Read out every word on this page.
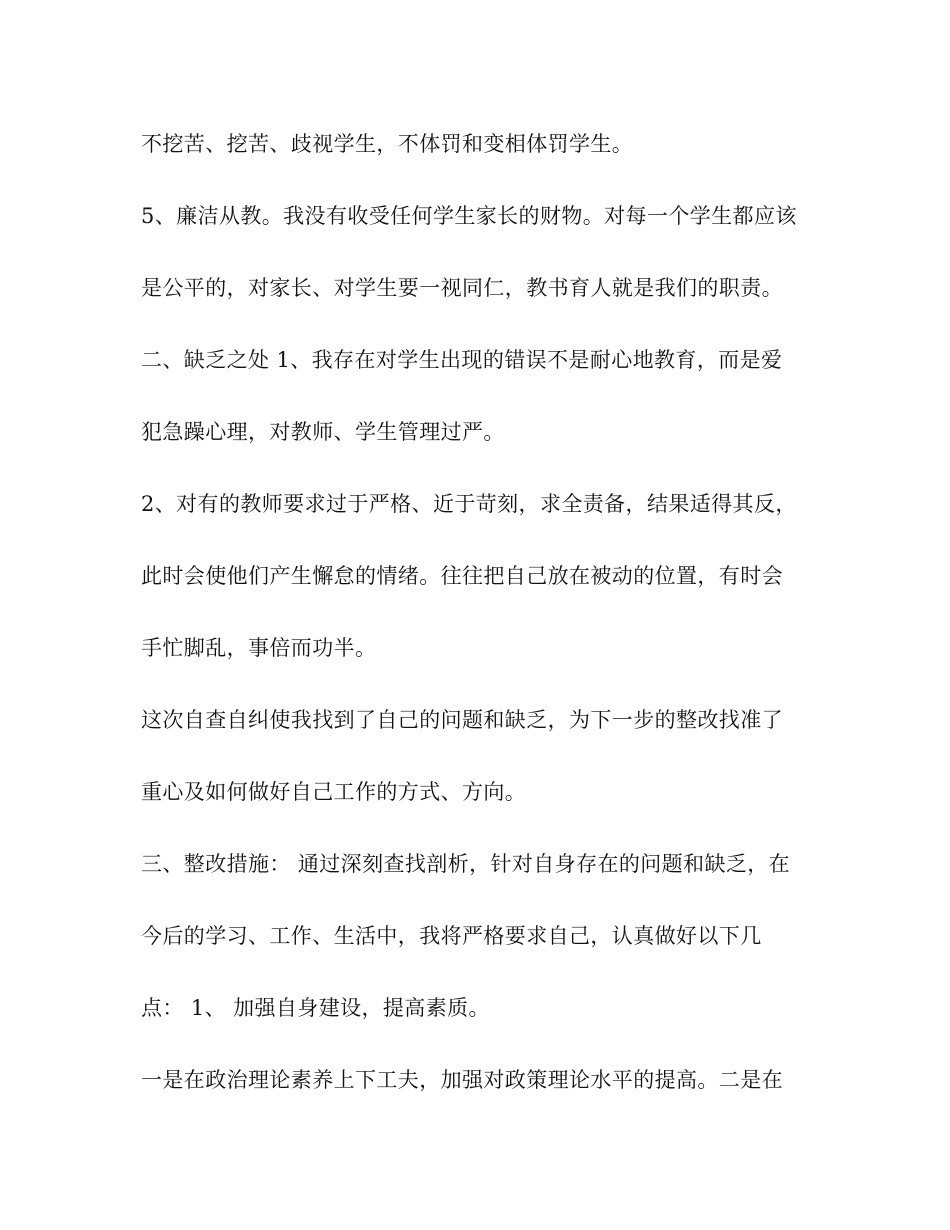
不挖苦、挖苦、歧视学生，不体罚和变相体罚学生。

5、廉洁从教。我没有收受任何学生家长的财物。对每一个学生都应该

是公平的，对家长、对学生要一视同仁，教书育人就是我们的职责。

二、缺乏之处 1、我存在对学生出现的错误不是耐心地教育，而是爱

犯急躁心理，对教师、学生管理过严。

2、对有的教师要求过于严格、近于苛刻，求全责备，结果适得其反，

此时会使他们产生懈怠的情绪。往往把自己放在被动的位置，有时会

手忙脚乱，事倍而功半。

这次自查自纠使我找到了自己的问题和缺乏，为下一步的整改找准了

重心及如何做好自己工作的方式、方向。

三、整改措施： 通过深刻查找剖析，针对自身存在的问题和缺乏，在

今后的学习、工作、生活中，我将严格要求自己，认真做好以下几

点： 1、 加强自身建设，提高素质。

一是在政治理论素养上下工夫，加强对政策理论水平的提高。二是在
